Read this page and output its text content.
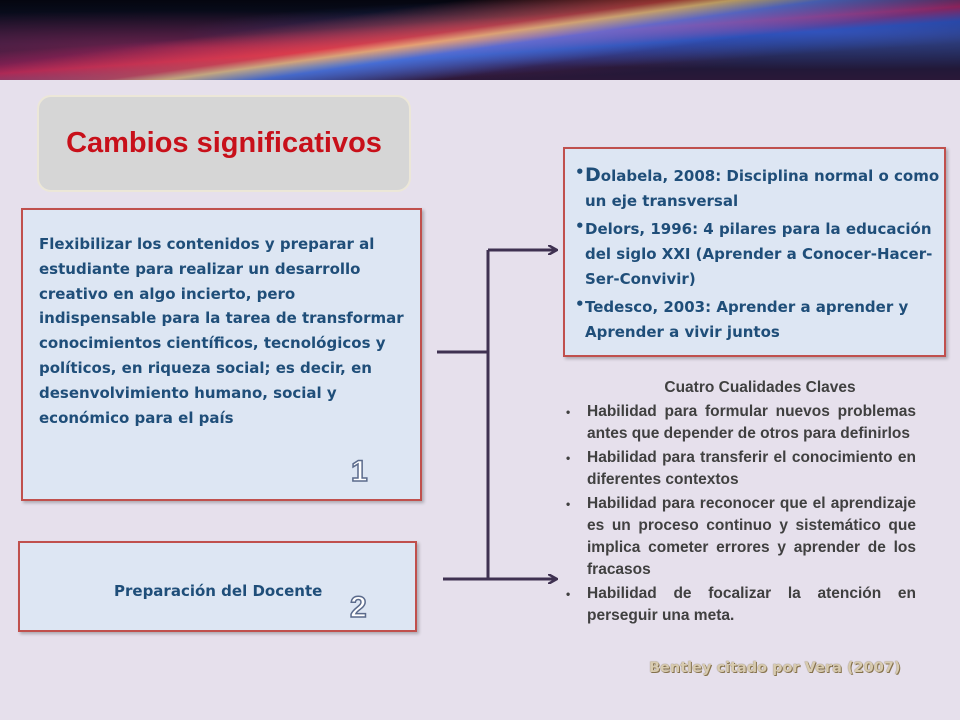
Cambios significativos
Flexibilizar los contenidos y preparar al estudiante para realizar un desarrollo creativo en algo incierto, pero indispensable para la tarea de transformar conocimientos científicos, tecnológicos y políticos, en riqueza social; es decir, en desenvolvimiento humano, social y económico para el país
1
Preparación del Docente 2
• Dolabela, 2008: Disciplina normal o como un eje transversal
• Delors, 1996: 4 pilares para la educación del siglo XXI (Aprender a Conocer-Hacer-Ser-Convivir)
• Tedesco, 2003: Aprender a aprender y Aprender a vivir juntos
Cuatro Cualidades Claves
• Habilidad para formular nuevos problemas antes que depender de otros para definirlos
• Habilidad para transferir el conocimiento en diferentes contextos
• Habilidad para reconocer que el aprendizaje es un proceso continuo y sistemático que implica cometer errores y aprender de los fracasos
• Habilidad de focalizar la atención en perseguir una meta.
Bentley citado por Vera (2007)
